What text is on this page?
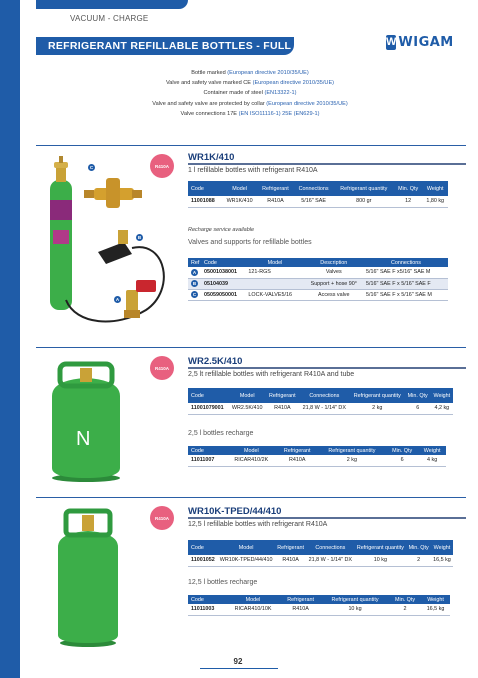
VACUUM - CHARGE
REFRIGERANT REFILLABLE BOTTLES - FULL	W WIGAM
Bottle marked (European directive 2010/35/UE)
Valve and safety valve marked CE (European directive 2010/35/UE)
Container made of steel (EN13322-1)
Valve and safety valve are protected by collar (European directive 2010/35/UE)
Valve connections 17E (EN ISO11116-1) 25E (EN629-1)
C
B
A
R410A
WR1K/410
1 l refillable bottles with refrigerant R410A
Code	Model	Refrigerant	Connections	Refrigerant quantity	Min. Qty	Weight
11001088	WR1K/410	R410A	5/16" SAE	800 gr	12	1,80 kg
Recharge service available
Valves and supports for refillable bottles
Ref	Code	Model	Description	Connections
A	05001038001	121-RGS	Valves	5/16" SAE F x5/16" SAE M
B	05104039		Support + hose 90°	5/16" SAE F x 5/16" SAE F
C	05059050001	LOCK-VALVE5/16	Access valve	5/16" SAE F x 5/16" SAE M
N
R410A
WR2.5K/410
2,5 lt refillable bottles with refrigerant R410A and tube
Code	Model	Refrigerant	Connections	Refrigerant quantity	Min. Qty	Weight
11001079001	WR2.5K/410	R410A	21,8 W - 1/14" DX	2 kg	6	4,2 kg
2,5 l bottles recharge
Code	Model	Refrigerant	Refrigerant quantity	Min. Qty	Weight
11011007	RICAR410/2K	R410A	2 kg	6	4 kg
R410A
WR10K-TPED/44/410
12,5 l refillable bottles with refrigerant R410A
Code	Model	Refrigerant	Connections	Refrigerant quantity	Min. Qty	Weight
11001052	WR10K-TPED/44/410	R410A	21,8 W - 1/14" DX	10 kg	2	16,5 kg
12,5 l bottles recharge
Code	Model	Refrigerant	Refrigerant quantity	Min. Qty	Weight
11011003	RICAR410/10K	R410A	10 kg	2	16,5 kg
92
